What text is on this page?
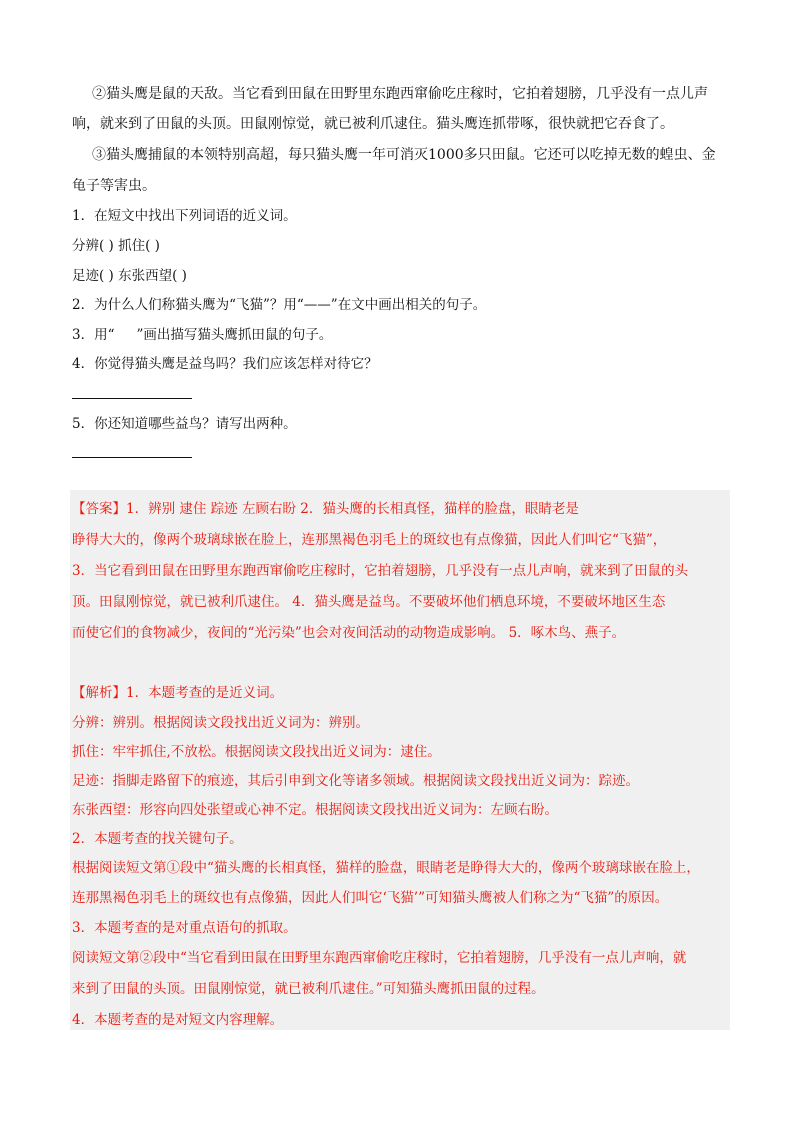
②猫头鹰是鼠的天敌。当它看到田鼠在田野里东跑西窜偷吃庄稼时，它拍着翅膀，几乎没有一点儿声
响，就来到了田鼠的头顶。田鼠刚惊觉，就已被利爪逮住。猫头鹰连抓带啄，很快就把它吞食了。
③猫头鹰捕鼠的本领特别高超，每只猫头鹰一年可消灭1000多只田鼠。它还可以吃掉无数的蝗虫、金
龟子等害虫。
1．在短文中找出下列词语的近义词。
分辨( ) 抓住( )
足迹( ) 东张西望( )
2．为什么人们称猫头鹰为“飞猫”？用“——”在文中画出相关的句子。
3．用“ ”画出描写猫头鹰抓田鼠的句子。
4．你觉得猫头鹰是益鸟吗？我们应该怎样对待它？
5．你还知道哪些益鸟？请写出两种。
【答案】1．辨别 逮住 踪迹 左顾右盼 2．猫头鹰的长相真怪，猫样的脸盘，眼睛老是
睁得大大的，像两个玻璃球嵌在脸上，连那黑褐色羽毛上的斑纹也有点像猫，因此人们叫它“飞猫”，
3．当它看到田鼠在田野里东跑西窜偷吃庄稼时，它拍着翅膀，几乎没有一点儿声响，就来到了田鼠的头
顶。田鼠刚惊觉，就已被利爪逮住。 4．猫头鹰是益鸟。不要破坏他们栖息环境，不要破坏地区生态
而使它们的食物减少，夜间的“光污染”也会对夜间活动的动物造成影响。 5．啄木鸟、燕子。
【解析】1．本题考查的是近义词。
分辨：辨别。根据阅读文段找出近义词为：辨别。
抓住：牢牢抓住,不放松。根据阅读文段找出近义词为：逮住。
足迹：指脚走路留下的痕迹，其后引申到文化等诸多领域。根据阅读文段找出近义词为：踪迹。
东张西望：形容向四处张望或心神不定。根据阅读文段找出近义词为：左顾右盼。
2．本题考查的找关键句子。
根据阅读短文第①段中“猫头鹰的长相真怪，猫样的脸盘，眼睛老是睁得大大的，像两个玻璃球嵌在脸上，
连那黑褐色羽毛上的斑纹也有点像猫，因此人们叫它‘飞猫’”可知猫头鹰被人们称之为“飞猫”的原因。
3．本题考查的是对重点语句的抓取。
阅读短文第②段中“当它看到田鼠在田野里东跑西窜偷吃庄稼时，它拍着翅膀，几乎没有一点儿声响，就
来到了田鼠的头顶。田鼠刚惊觉，就已被利爪逮住。”可知猫头鹰抓田鼠的过程。
4．本题考查的是对短文内容理解。
